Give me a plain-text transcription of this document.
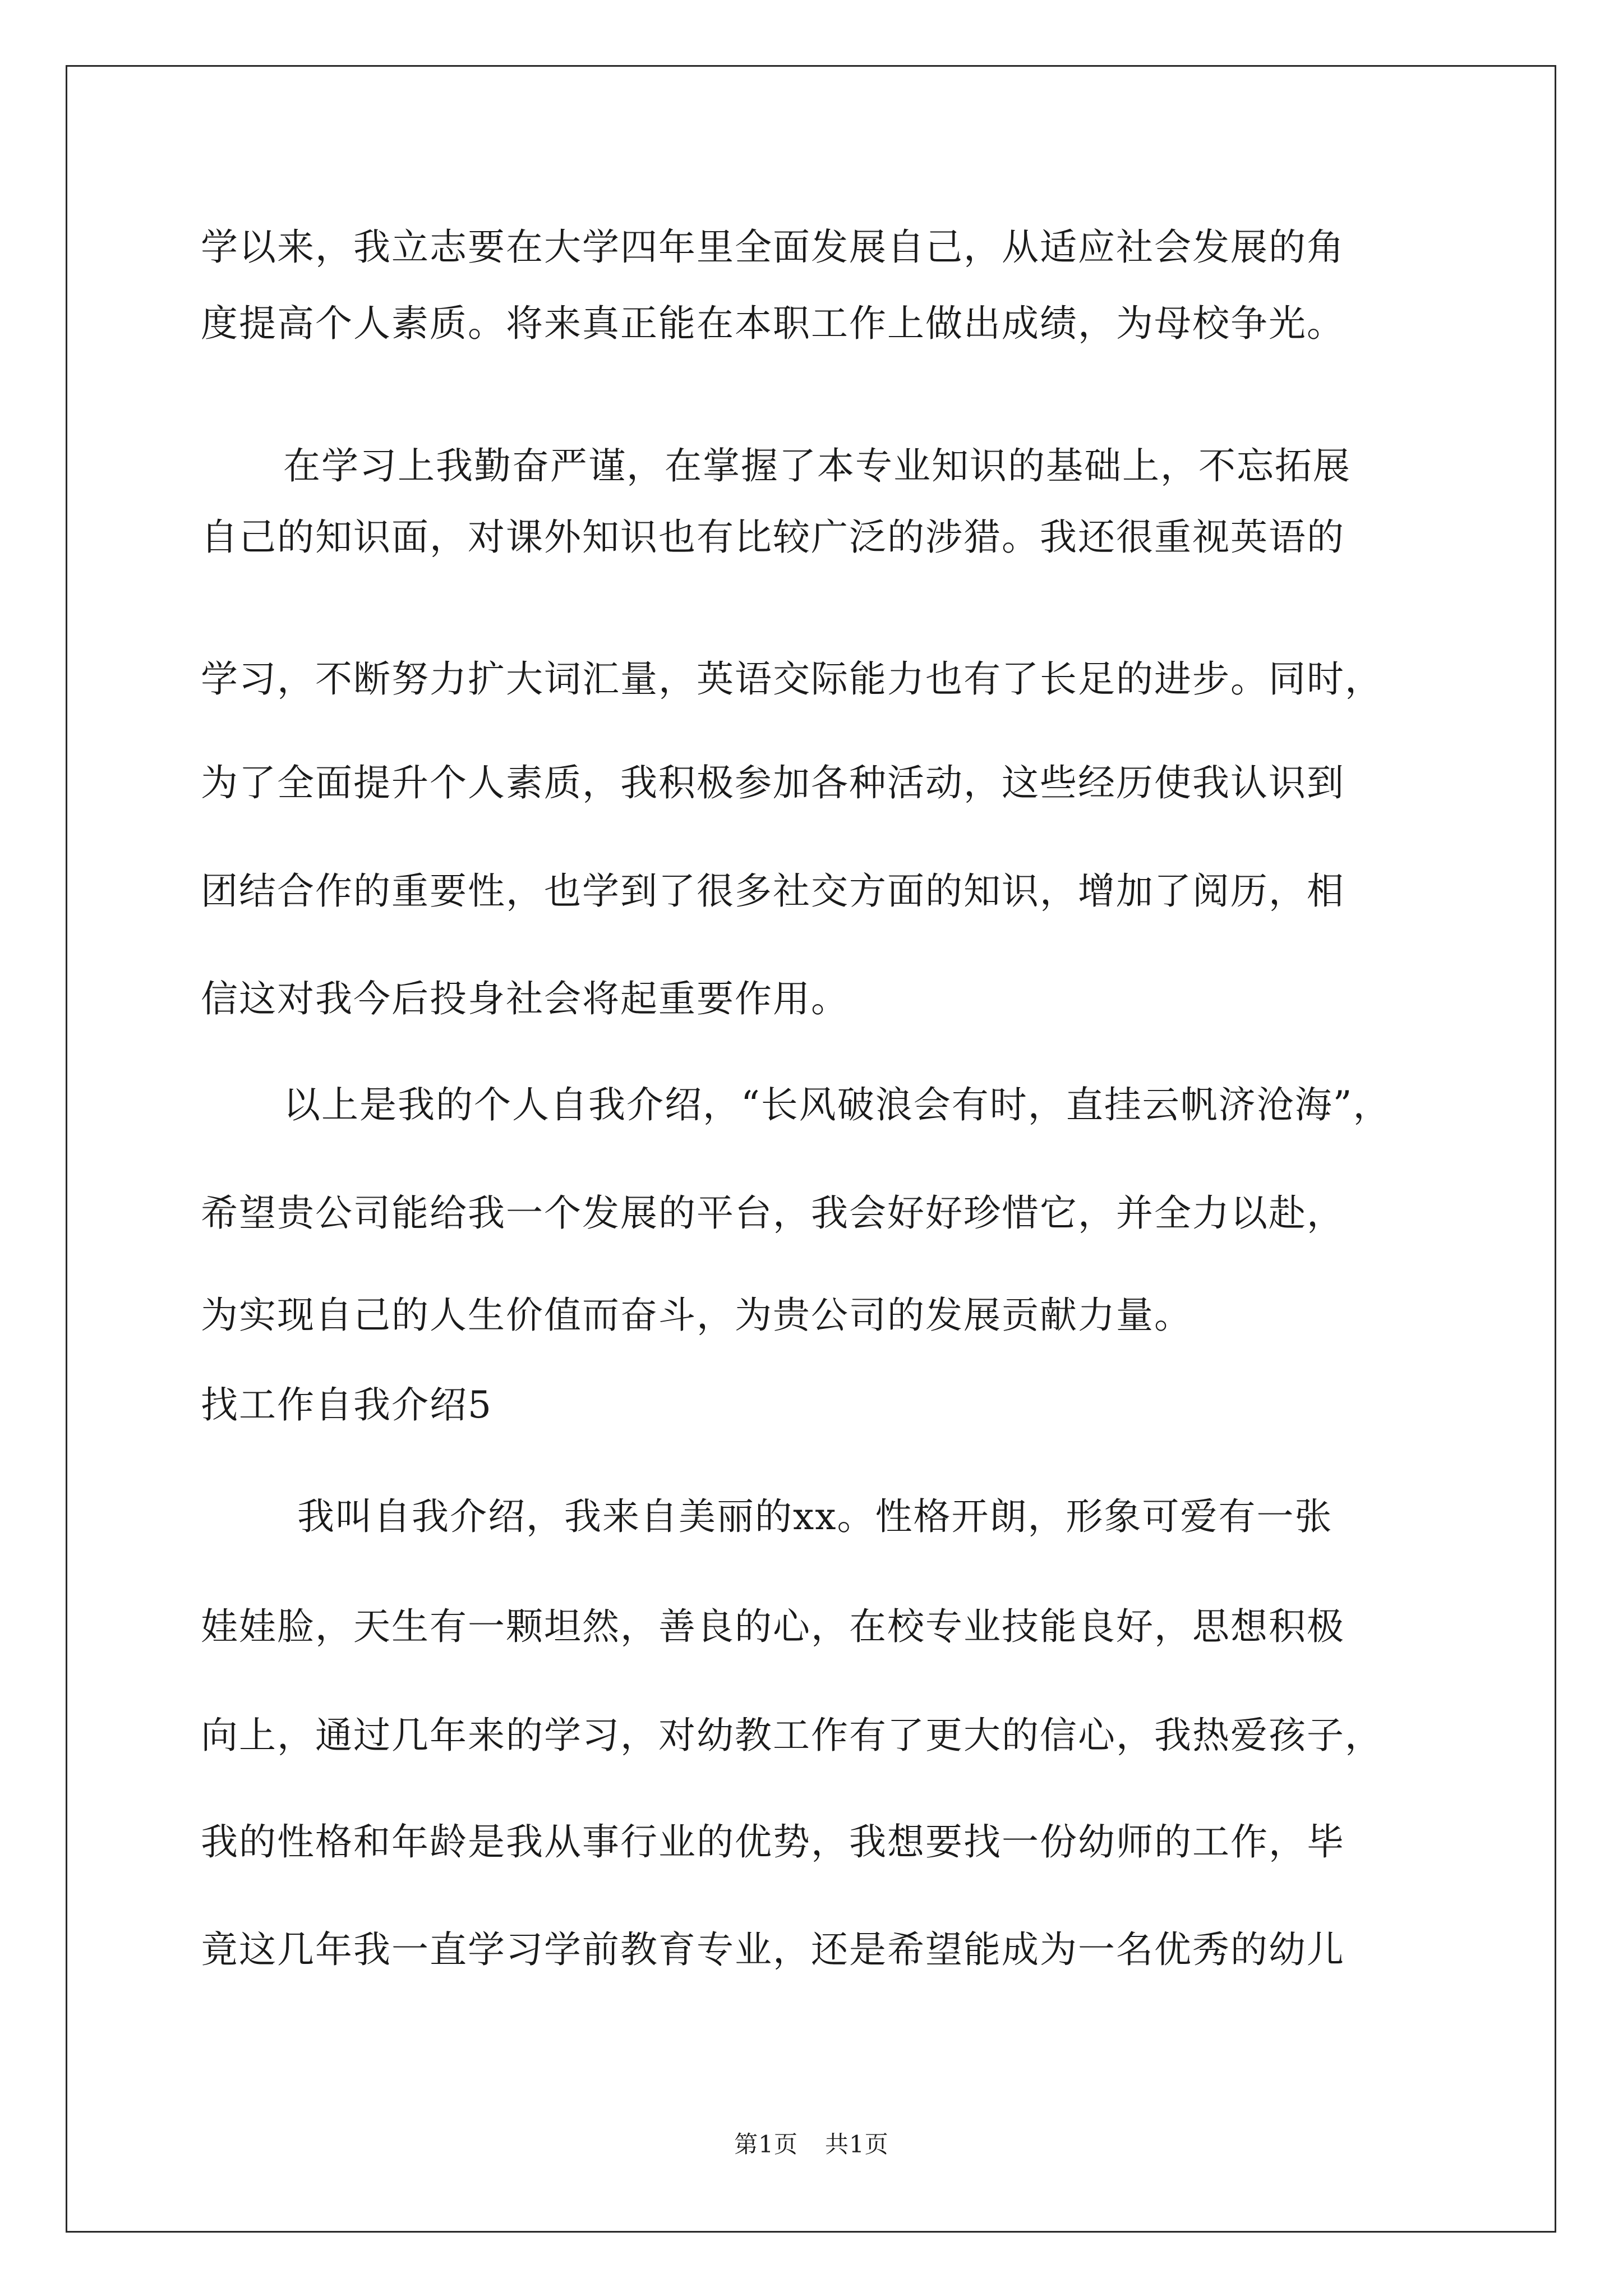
学以来，我立志要在大学四年里全面发展自己，从适应社会发展的角

度提高个人素质。将来真正能在本职工作上做出成绩，为母校争光。

在学习上我勤奋严谨，在掌握了本专业知识的基础上，不忘拓展

自己的知识面，对课外知识也有比较广泛的涉猎。我还很重视英语的

学习，不断努力扩大词汇量，英语交际能力也有了长足的进步。同时，

为了全面提升个人素质，我积极参加各种活动，这些经历使我认识到

团结合作的重要性，也学到了很多社交方面的知识，增加了阅历，相

信这对我今后投身社会将起重要作用。

以上是我的个人自我介绍，“长风破浪会有时，直挂云帆济沧海”，

希望贵公司能给我一个发展的平台，我会好好珍惜它，并全力以赴，

为实现自己的人生价值而奋斗，为贵公司的发展贡献力量。

找工作自我介绍5

我叫自我介绍，我来自美丽的xx。性格开朗，形象可爱有一张

娃娃脸，天生有一颗坦然，善良的心，在校专业技能良好，思想积极

向上，通过几年来的学习，对幼教工作有了更大的信心，我热爱孩子，

我的性格和年龄是我从事行业的优势，我想要找一份幼师的工作，毕

竟这几年我一直学习学前教育专业，还是希望能成为一名优秀的幼儿

第1页 共1页
